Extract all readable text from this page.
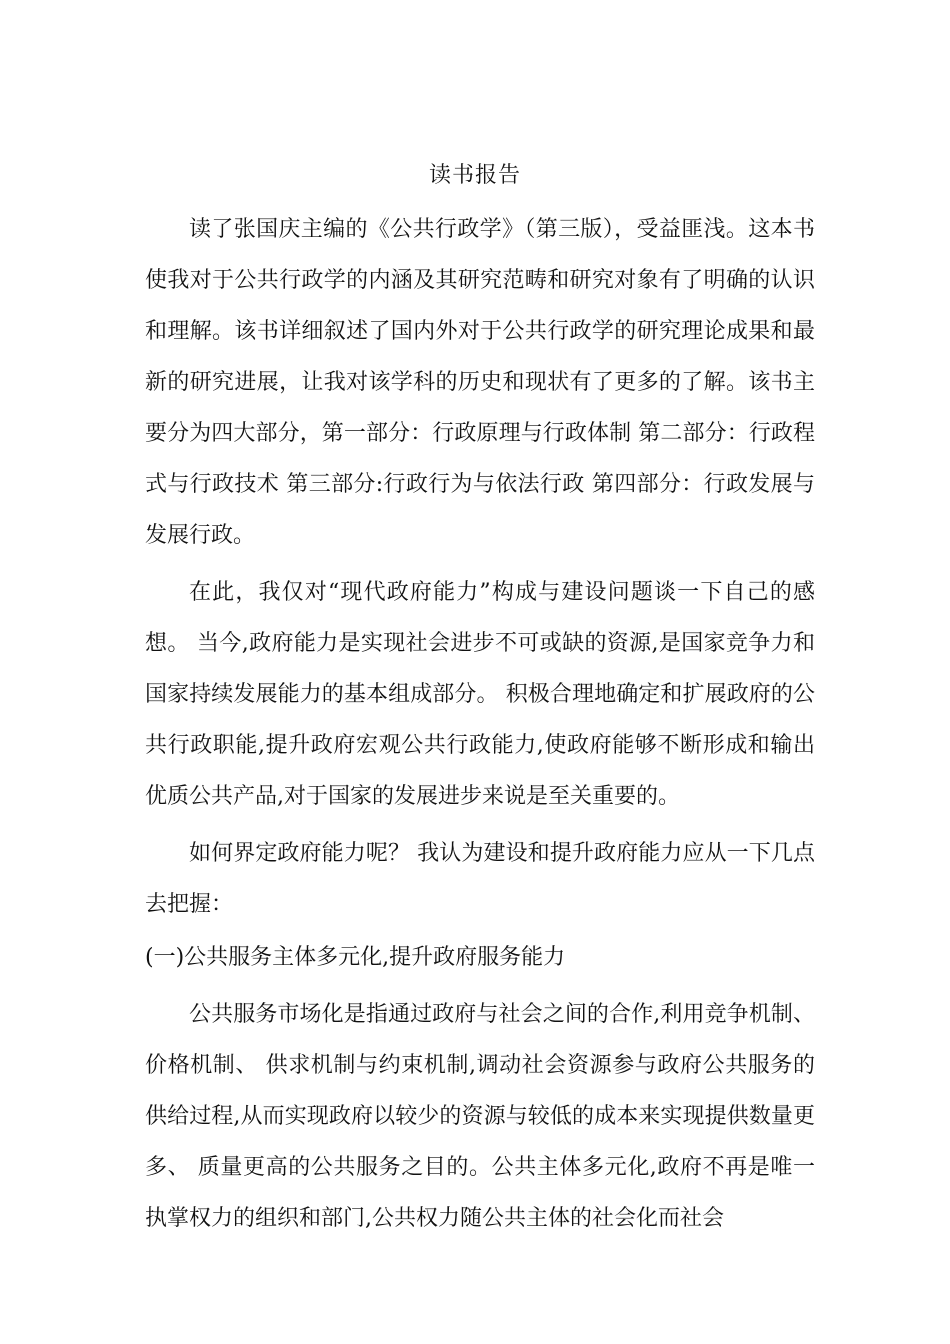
读书报告

读了张国庆主编的《公共行政学》（第三版），受益匪浅。这本书使我对于公共行政学的内涵及其研究范畴和研究对象有了明确的认识和理解。该书详细叙述了国内外对于公共行政学的研究理论成果和最新的研究进展，让我对该学科的历史和现状有了更多的了解。该书主要分为四大部分，第一部分：行政原理与行政体制 第二部分：行政程式与行政技术 第三部分:行政行为与依法行政 第四部分：行政发展与发展行政。

在此，我仅对“现代政府能力”构成与建设问题谈一下自己的感想。 当今,政府能力是实现社会进步不可或缺的资源,是国家竞争力和国家持续发展能力的基本组成部分。 积极合理地确定和扩展政府的公共行政职能,提升政府宏观公共行政能力,使政府能够不断形成和输出优质公共产品,对于国家的发展进步来说是至关重要的。

如何界定政府能力呢？ 我认为建设和提升政府能力应从一下几点去把握：

(一)公共服务主体多元化,提升政府服务能力

公共服务市场化是指通过政府与社会之间的合作,利用竞争机制、 价格机制、 供求机制与约束机制,调动社会资源参与政府公共服务的供给过程,从而实现政府以较少的资源与较低的成本来实现提供数量更多、 质量更高的公共服务之目的。公共主体多元化,政府不再是唯一执掌权力的组织和部门,公共权力随公共主体的社会化而社会
